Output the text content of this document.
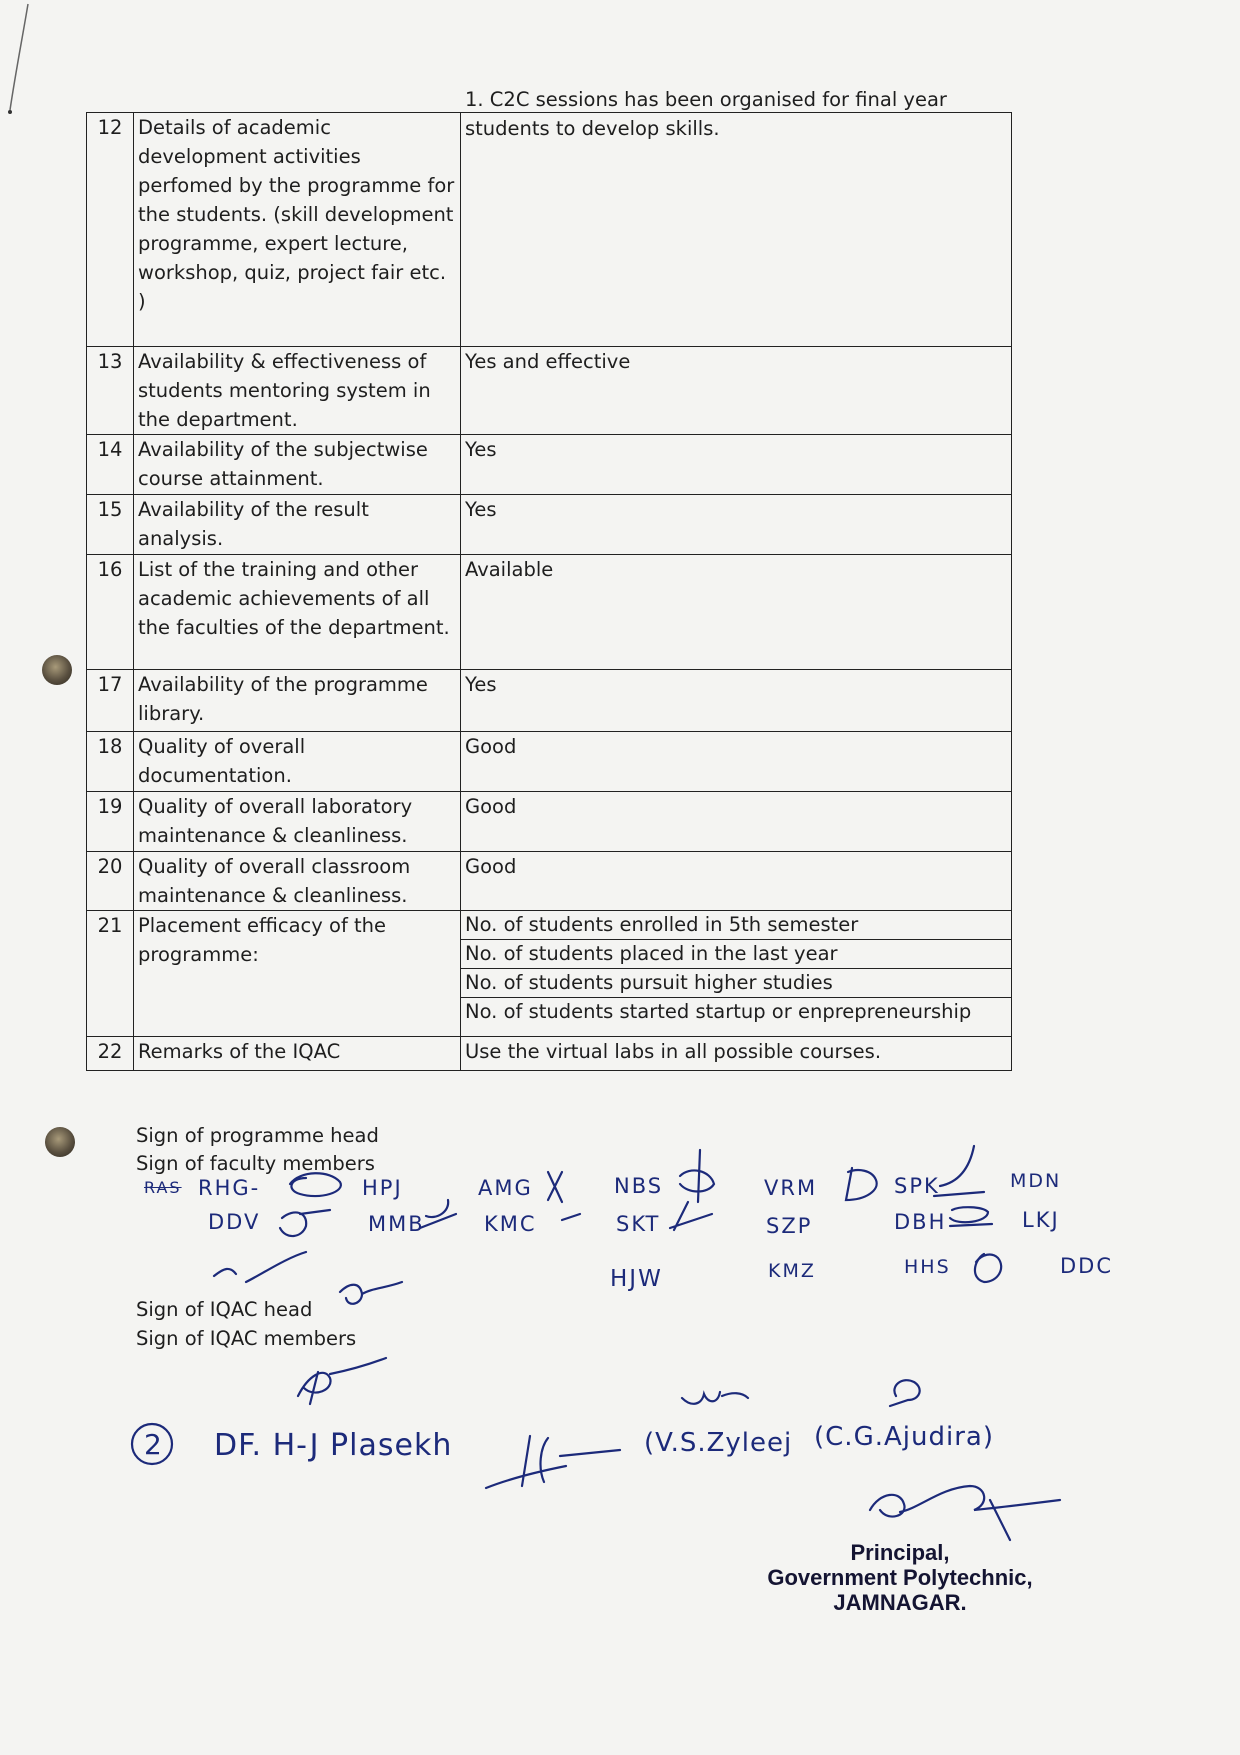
12	Details of academic development activities perfomed by the programme for the students. (skill development programme, expert lecture, workshop, quiz, project fair etc. )	1. C2C sessions has been organised for final year students to develop skills.

13	Availability & effectiveness of students mentoring system in the department.	Yes and effective
14	Availability of the subjectwise course attainment.	Yes
15	Availability of the result analysis.	Yes
16	List of the training and other academic achievements of all the faculties of the department.	Available
17	Availability of the programme library.	Yes
18	Quality of overall documentation.	Good
19	Quality of overall laboratory maintenance & cleanliness.	Good
20	Quality of overall classroom maintenance & cleanliness.	Good
21	Placement efficacy of the programme:	No. of students enrolled in 5th semester
No. of students placed in the last year
No. of students pursuit higher studies
No. of students started startup or enprepreneurship

22	Remarks of the IQAC	Use the virtual labs in all possible courses.
Sign of programme head
Sign of faculty members
Sign of IQAC head
Sign of IQAC members
RAS RHG-	HPJ	AMG	NBS	VRM	SPK	MDN
DDV	MMB	KMC	SKT	SZP	DBH	LKJ
HJW	KMZ	HHS	DDC
DF. H-J Plasekh	(V.S.Zyleej (C.G.Ajudira)
2
Principal,
Government Polytechnic,
JAMNAGAR.
